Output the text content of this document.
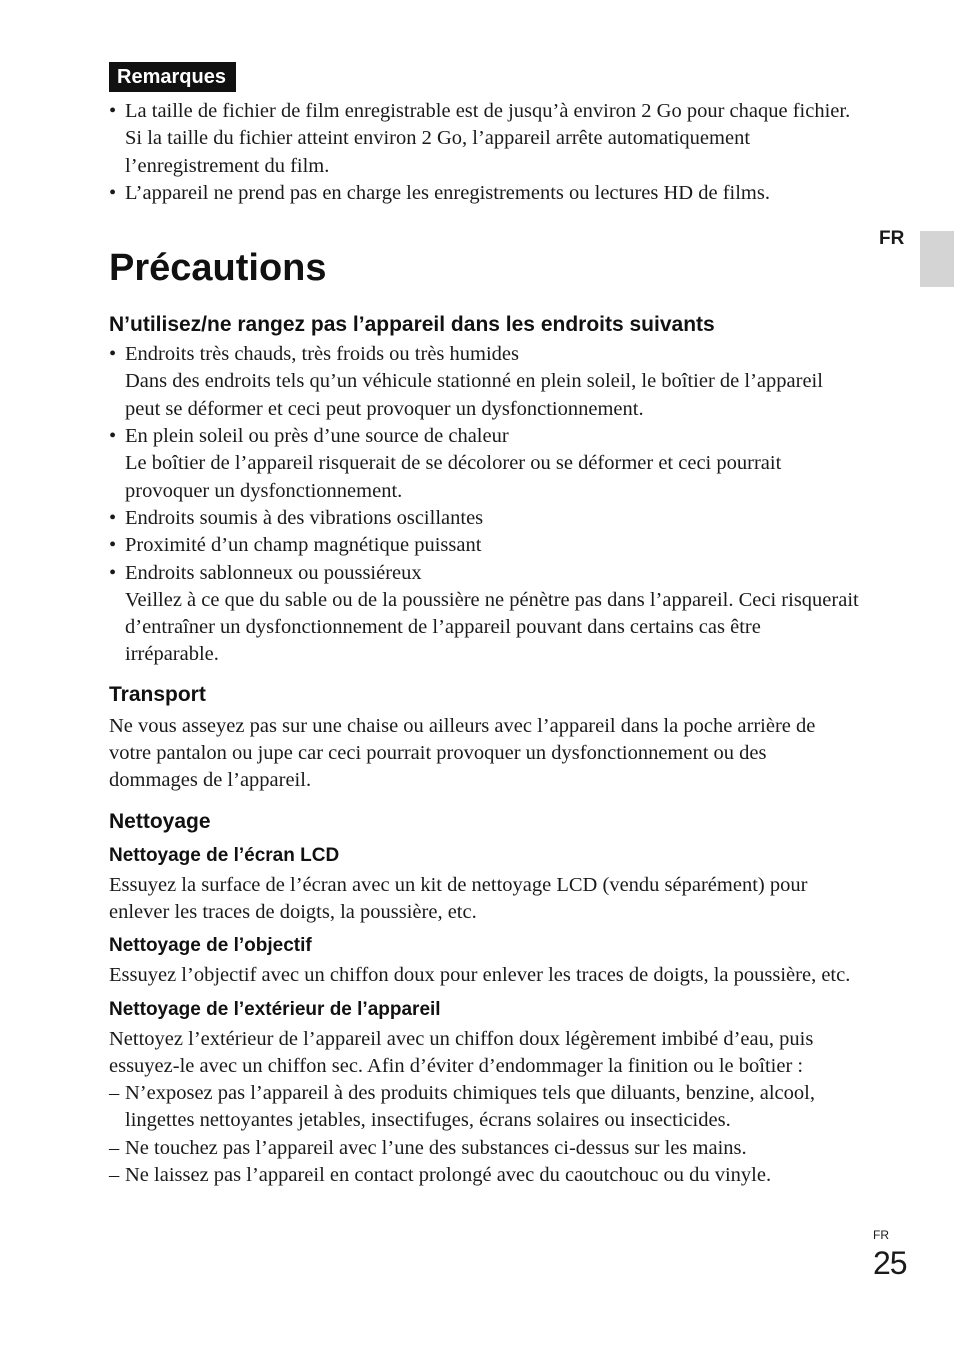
FR
Remarques
• La taille de fichier de film enregistrable est de jusqu’à environ 2 Go pour chaque fichier. Si la taille du fichier atteint environ 2 Go, l’appareil arrête automatiquement l’enregistrement du film.
• L’appareil ne prend pas en charge les enregistrements ou lectures HD de films.
Précautions
N’utilisez/ne rangez pas l’appareil dans les endroits suivants
• Endroits très chauds, très froids ou très humides
Dans des endroits tels qu’un véhicule stationné en plein soleil, le boîtier de l’appareil peut se déformer et ceci peut provoquer un dysfonctionnement.
• En plein soleil ou près d’une source de chaleur
Le boîtier de l’appareil risquerait de se décolorer ou se déformer et ceci pourrait provoquer un dysfonctionnement.
• Endroits soumis à des vibrations oscillantes
• Proximité d’un champ magnétique puissant
• Endroits sablonneux ou poussiéreux
Veillez à ce que du sable ou de la poussière ne pénètre pas dans l’appareil. Ceci risquerait d’entraîner un dysfonctionnement de l’appareil pouvant dans certains cas être irréparable.
Transport

Ne vous asseyez pas sur une chaise ou ailleurs avec l’appareil dans la poche arrière de votre pantalon ou jupe car ceci pourrait provoquer un dysfonctionnement ou des dommages de l’appareil.

Nettoyage
Nettoyage de l’écran LCD

Essuyez la surface de l’écran avec un kit de nettoyage LCD (vendu séparément) pour enlever les traces de doigts, la poussière, etc.

Nettoyage de l’objectif

Essuyez l’objectif avec un chiffon doux pour enlever les traces de doigts, la poussière, etc.

Nettoyage de l’extérieur de l’appareil

Nettoyez l’extérieur de l’appareil avec un chiffon doux légèrement imbibé d’eau, puis essuyez-le avec un chiffon sec. Afin d’éviter d’endommager la finition ou le boîtier :

– N’exposez pas l’appareil à des produits chimiques tels que diluants, benzine, alcool, lingettes nettoyantes jetables, insectifuges, écrans solaires ou insecticides.
– Ne touchez pas l’appareil avec l’une des substances ci-dessus sur les mains.
– Ne laissez pas l’appareil en contact prolongé avec du caoutchouc ou du vinyle.
FR
25
